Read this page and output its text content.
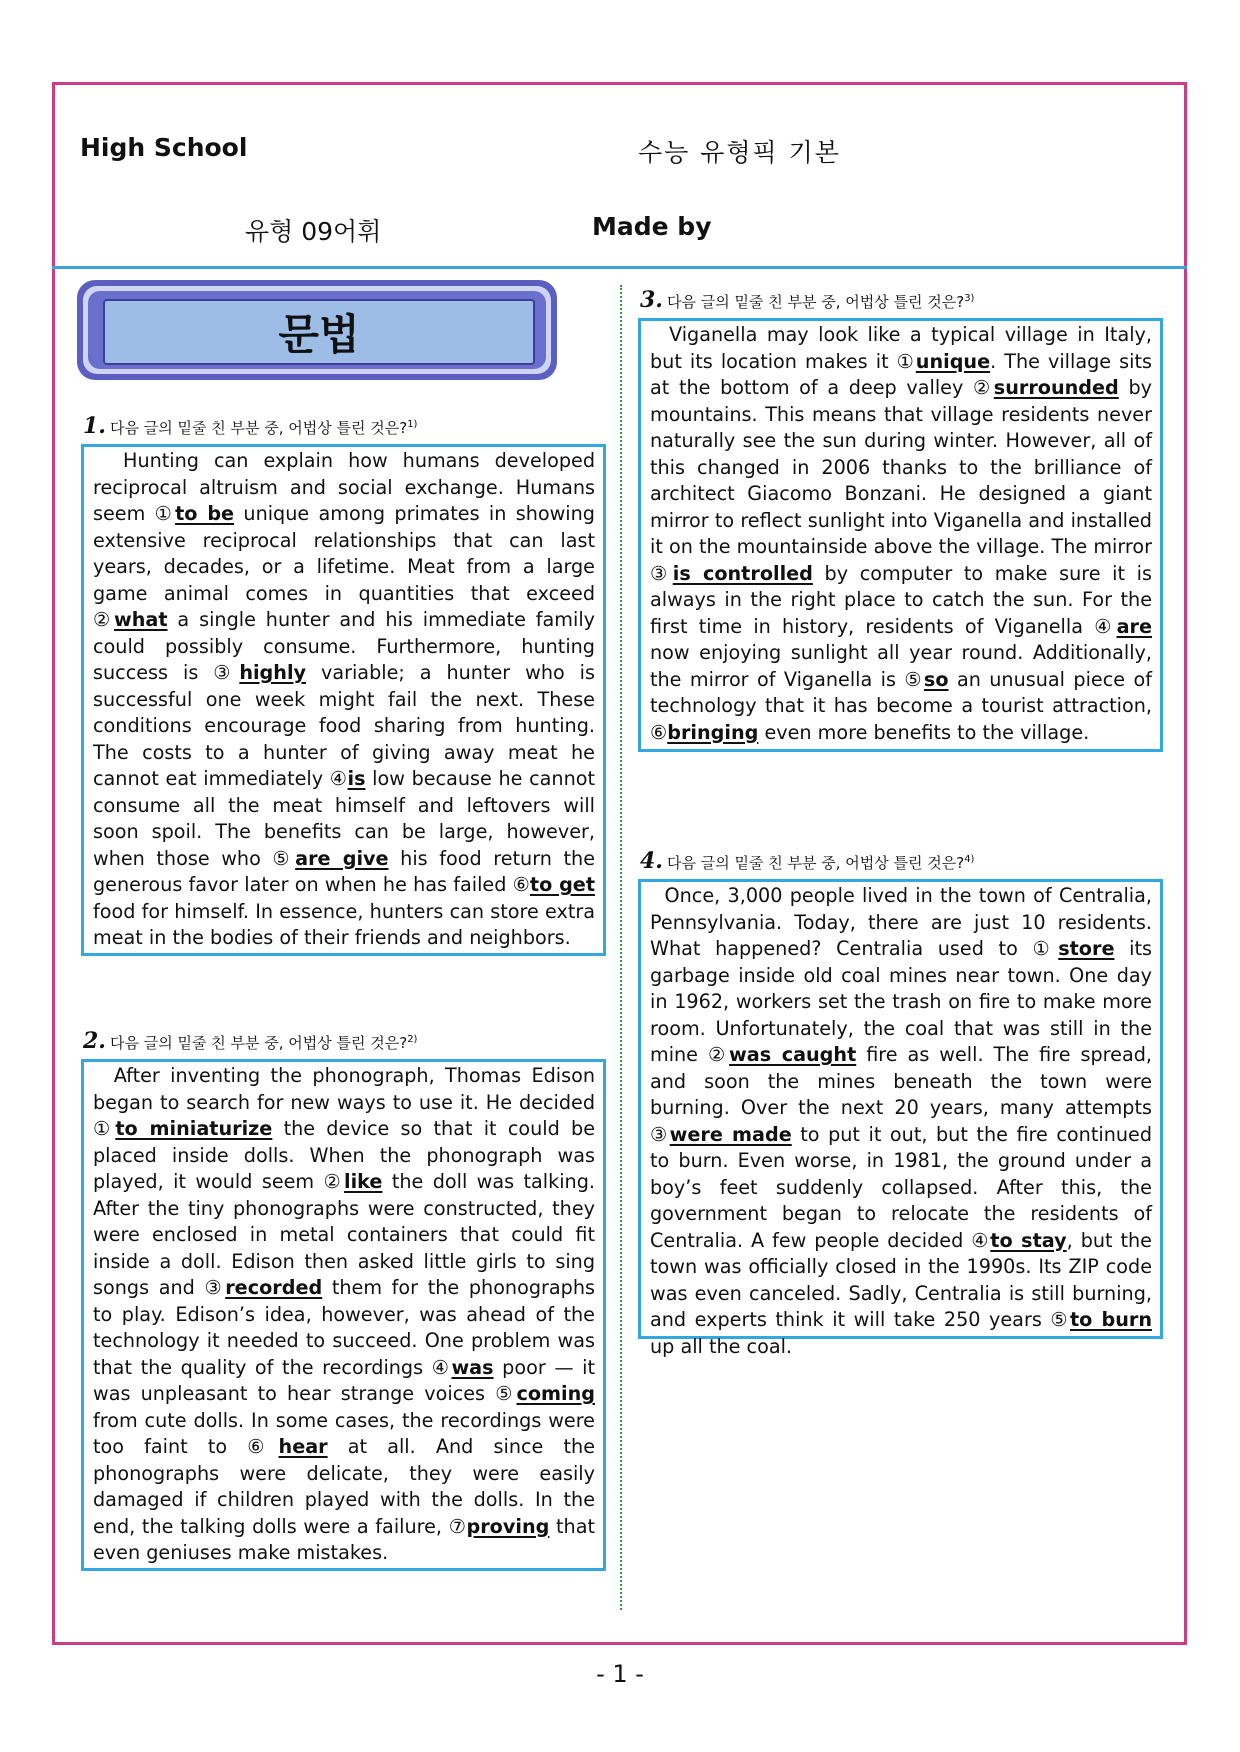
High School	수능 유형픽 기본
유형 09어휘	Made by
문법
1. 다음 글의 밑줄 친 부분 중, 어법상 틀린 것은?$^{1)}$
Hunting can explain how humans developed reciprocal altruism and social exchange. Humans seem ①to be unique among primates in showing extensive reciprocal relationships that can last years, decades, or a lifetime. Meat from a large game animal comes in quantities that exceed ②what a single hunter and his immediate family could possibly consume. Furthermore, hunting success is ③highly variable; a hunter who is successful one week might fail the next. These conditions encourage food sharing from hunting. The costs to a hunter of giving away meat he cannot eat immediately ④is low because he cannot consume all the meat himself and leftovers will soon spoil. The benefits can be large, however, when those who ⑤are give his food return the generous favor later on when he has failed ⑥to get food for himself. In essence, hunters can store extra meat in the bodies of their friends and neighbors.
2. 다음 글의 밑줄 친 부분 중, 어법상 틀린 것은?$^{2)}$
After inventing the phonograph, Thomas Edison began to search for new ways to use it. He decided ①to miniaturize the device so that it could be placed inside dolls. When the phonograph was played, it would seem ②like the doll was talking. After the tiny phonographs were constructed, they were enclosed in metal containers that could fit inside a doll. Edison then asked little girls to sing songs and ③recorded them for the phonographs to play. Edison’s idea, however, was ahead of the technology it needed to succeed. One problem was that the quality of the recordings ④was poor — it was unpleasant to hear strange voices ⑤coming from cute dolls. In some cases, the recordings were too faint to ⑥hear at all. And since the phonographs were delicate, they were easily damaged if children played with the dolls. In the end, the talking dolls were a failure, ⑦proving that even geniuses make mistakes.
3. 다음 글의 밑줄 친 부분 중, 어법상 틀린 것은?$^{3)}$
Viganella may look like a typical village in Italy, but its location makes it ①unique. The village sits at the bottom of a deep valley ②surrounded by mountains. This means that village residents never naturally see the sun during winter. However, all of this changed in 2006 thanks to the brilliance of architect Giacomo Bonzani. He designed a giant mirror to reflect sunlight into Viganella and installed it on the mountainside above the village. The mirror ③is controlled by computer to make sure it is always in the right place to catch the sun. For the first time in history, residents of Viganella ④are now enjoying sunlight all year round. Additionally, the mirror of Viganella is ⑤so an unusual piece of technology that it has become a tourist attraction, ⑥bringing even more benefits to the village.
4. 다음 글의 밑줄 친 부분 중, 어법상 틀린 것은?$^{4)}$
Once, 3,000 people lived in the town of Centralia, Pennsylvania. Today, there are just 10 residents. What happened? Centralia used to ①store its garbage inside old coal mines near town. One day in 1962, workers set the trash on fire to make more room. Unfortunately, the coal that was still in the mine ②was caught fire as well. The fire spread, and soon the mines beneath the town were burning. Over the next 20 years, many attempts ③were made to put it out, but the fire continued to burn. Even worse, in 1981, the ground under a boy’s feet suddenly collapsed. After this, the government began to relocate the residents of Centralia. A few people decided ④to stay, but the town was officially closed in the 1990s. Its ZIP code was even canceled. Sadly, Centralia is still burning, and experts think it will take 250 years ⑤to burn up all the coal.
- 1 -
